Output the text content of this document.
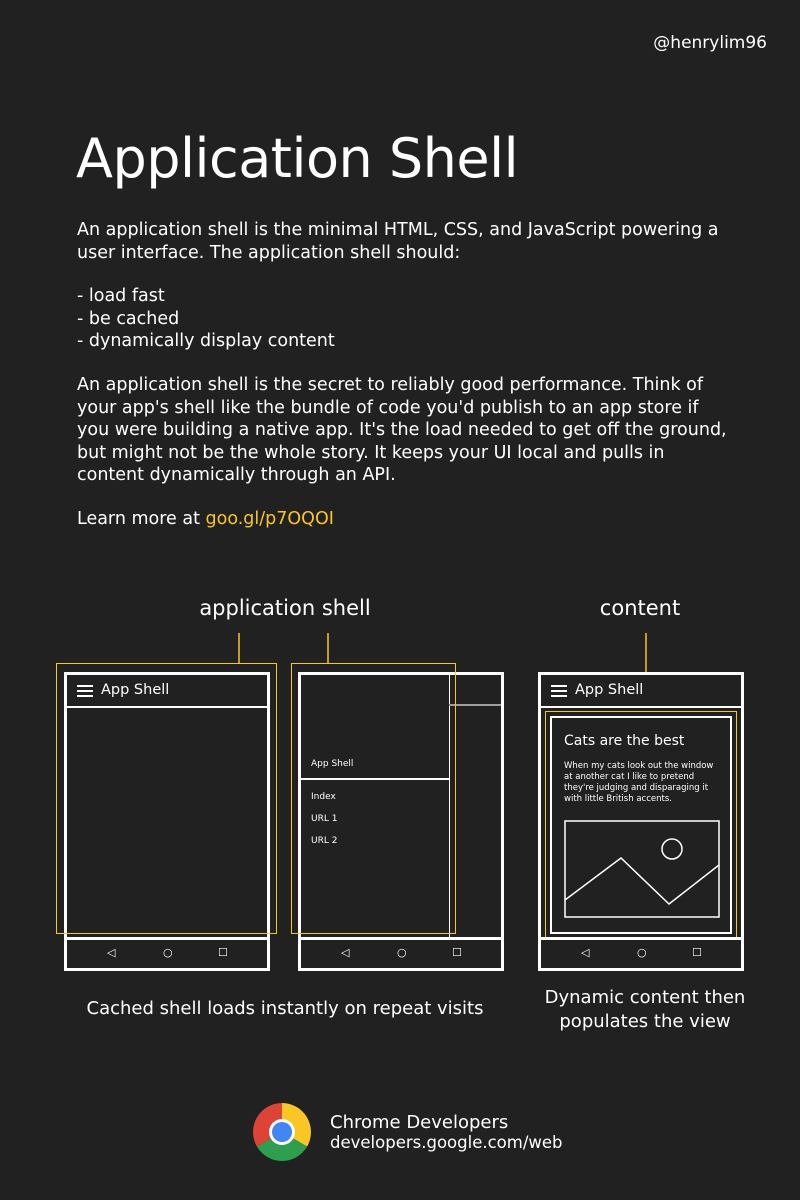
@henrylim96
Application Shell

An application shell is the minimal HTML, CSS, and JavaScript powering a user interface. The application shell should:

- load fast
- be cached
- dynamically display content

An application shell is the secret to reliably good performance. Think of your app's shell like the bundle of code you'd publish to an app store if you were building a native app. It's the load needed to get off the ground, but might not be the whole story. It keeps your UI local and pulls in content dynamically through an API.

Learn more at goo.gl/p7OQOI
application shell	content
App Shell
◁	○	☐
App Shell
Index
URL 1
URL 2
◁	○	☐
App Shell
Cats are the best
When my cats look out the window at another cat I like to pretend they're judging and disparaging it with little British accents.
◁	○	☐
Cached shell loads instantly on repeat visits
Dynamic content then populates the view
Chrome Developers
developers.google.com/web
